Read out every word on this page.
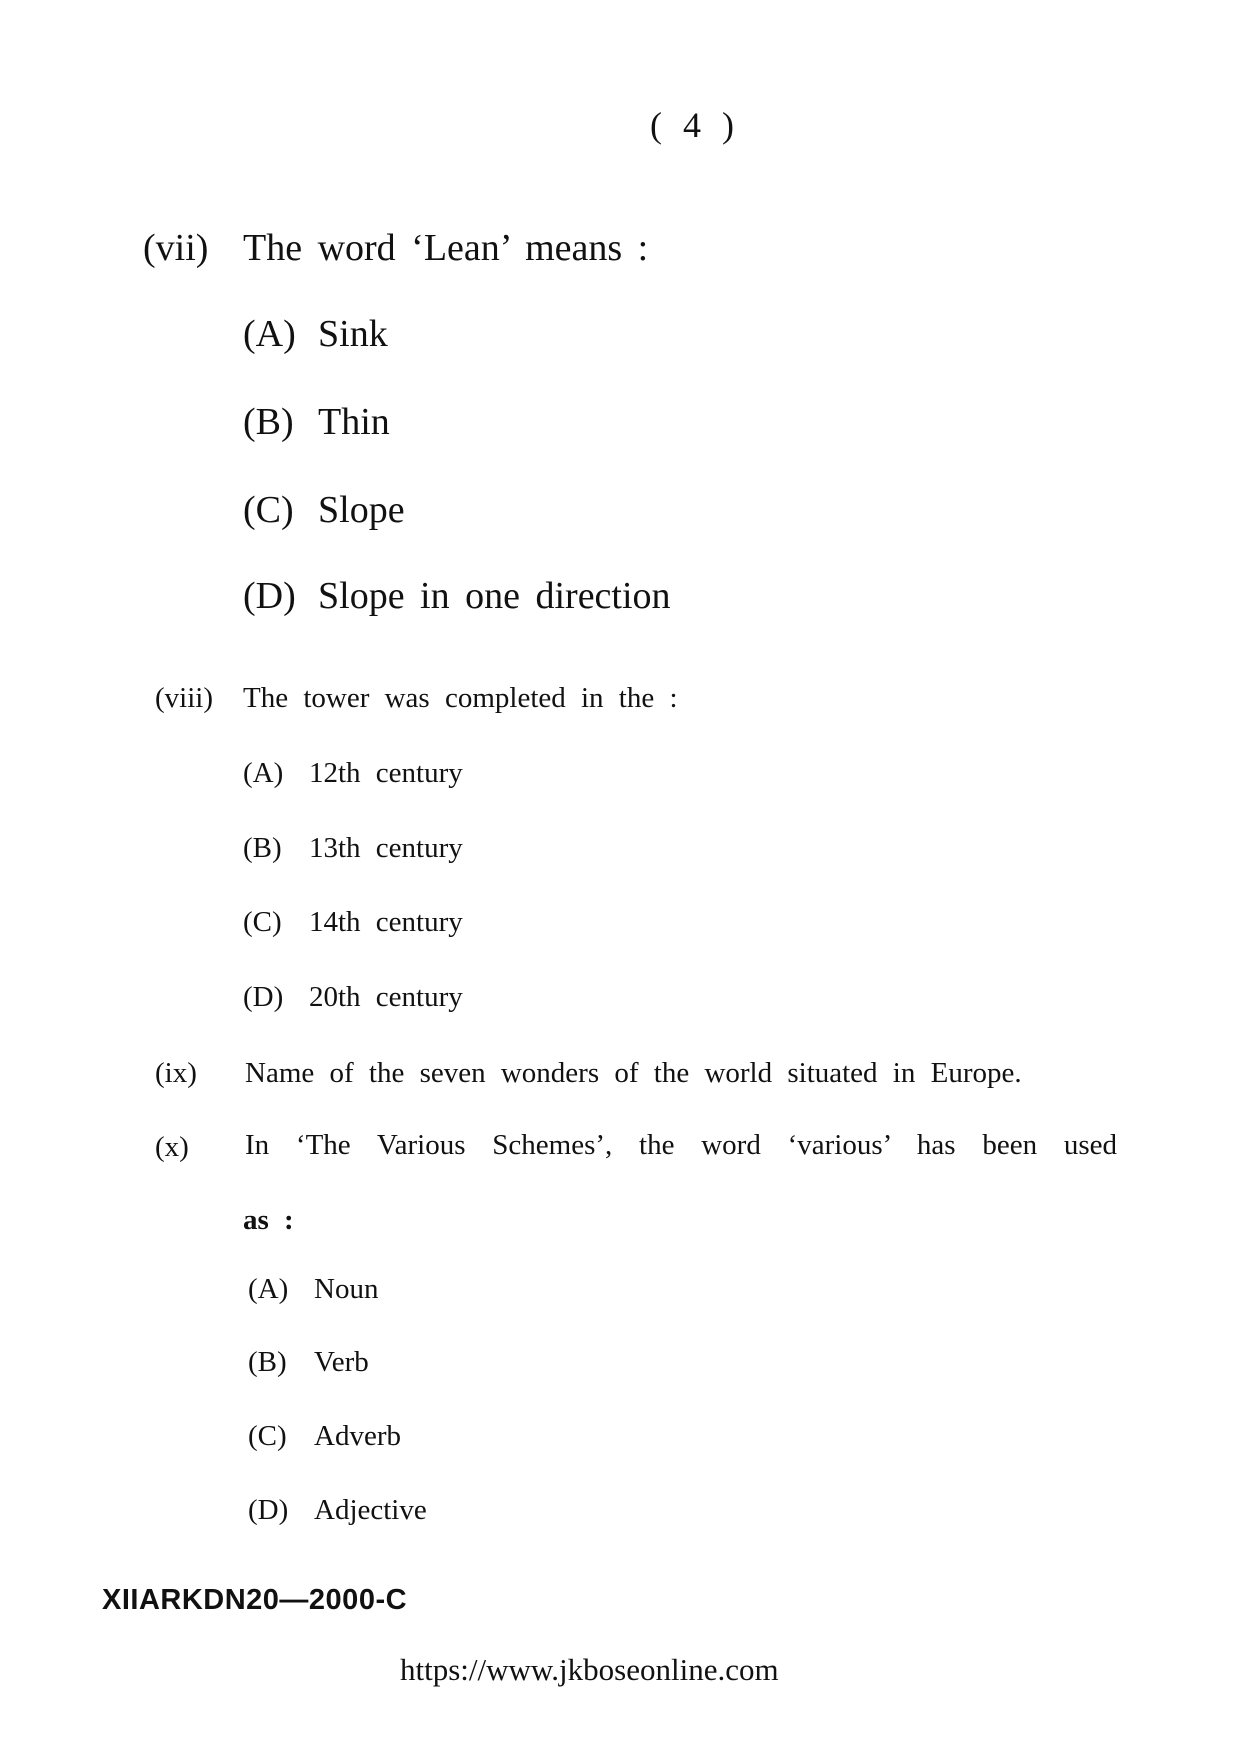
( 4 )
(vii) The word ‘Lean’ means :
(A) Sink
(B) Thin
(C) Slope
(D) Slope in one direction
(viii) The tower was completed in the :
(A) 12th century
(B) 13th century
(C) 14th century
(D) 20th century
(ix) Name of the seven wonders of the world situated in Europe.
(x) In ‘The Various Schemes’, the word ‘various’ has been used
as :
(A) Noun
(B) Verb
(C) Adverb
(D) Adjective
XIIARKDN20—2000-C
https://www.jkboseonline.com
